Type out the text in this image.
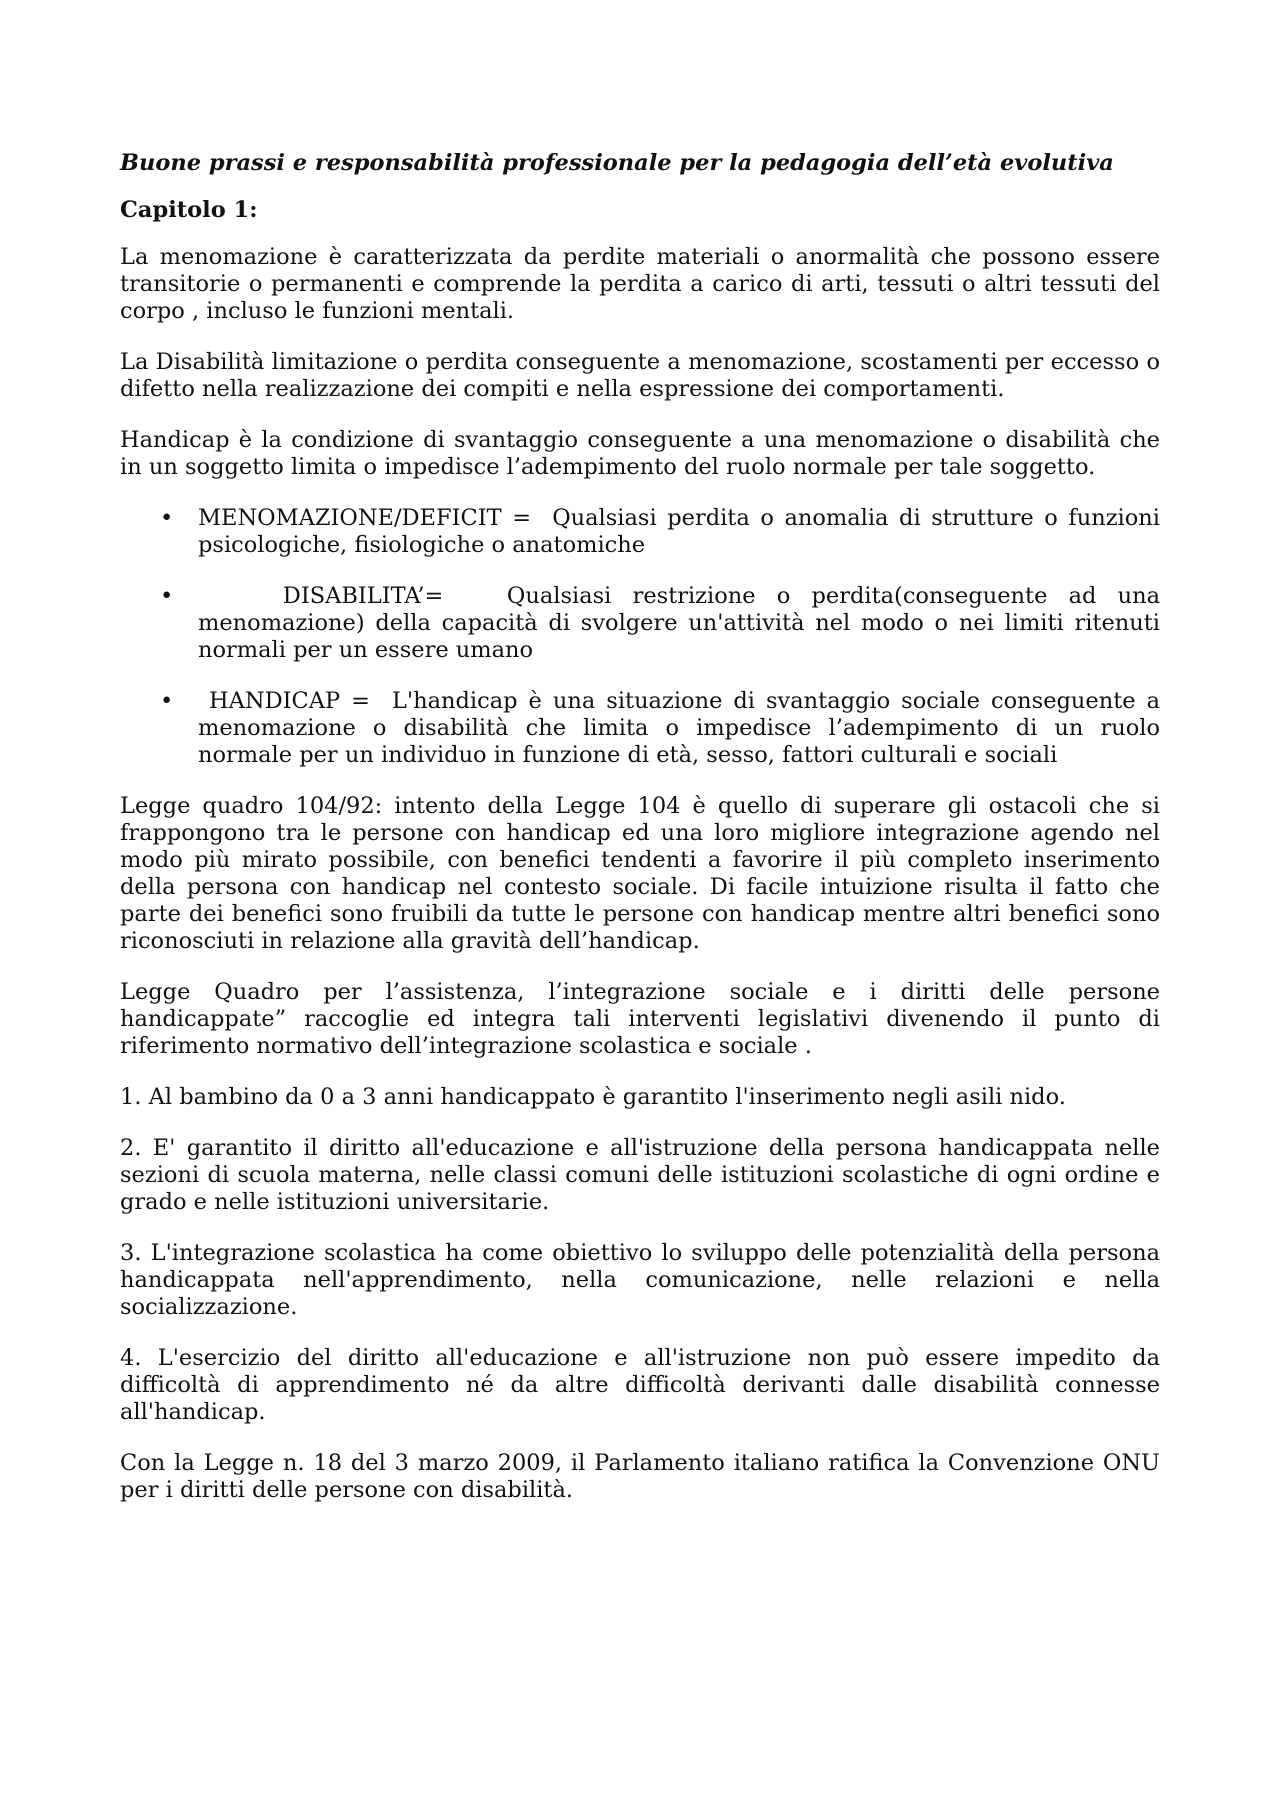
Buone prassi e responsabilità professionale per la pedagogia dell’età evolutiva
Capitolo 1:

La menomazione è caratterizzata da perdite materiali o anormalità che possono essere transitorie o permanenti e comprende la perdita a carico di arti, tessuti o altri tessuti del corpo , incluso le funzioni mentali.

La Disabilità limitazione o perdita conseguente a menomazione, scostamenti per eccesso o difetto nella realizzazione dei compiti e nella espressione dei comportamenti.

Handicap è la condizione di svantaggio conseguente a una menomazione o disabilità che in un soggetto limita o impedisce l’adempimento del ruolo normale per tale soggetto.

• MENOMAZIONE/DEFICIT =  Qualsiasi perdita o anomalia di strutture o funzioni psicologiche, fisiologiche o anatomiche
• DISABILITA’=   Qualsiasi restrizione o perdita(conseguente ad una menomazione) della capacità di svolgere un'attività nel modo o nei limiti ritenuti normali per un essere umano
• HANDICAP =  L'handicap è una situazione di svantaggio sociale conseguente a menomazione o disabilità che limita o impedisce l’adempimento di un ruolo normale per un individuo in funzione di età, sesso, fattori culturali e sociali

Legge quadro 104/92: intento della Legge 104 è quello di superare gli ostacoli che si frappongono tra le persone con handicap ed una loro migliore integrazione agendo nel modo più mirato possibile, con benefici tendenti a favorire il più completo inserimento della persona con handicap nel contesto sociale. Di facile intuizione risulta il fatto che parte dei benefici sono fruibili da tutte le persone con handicap mentre altri benefici sono riconosciuti in relazione alla gravità dell’handicap.

Legge Quadro per l’assistenza, l’integrazione sociale e i diritti delle persone handicappate” raccoglie ed integra tali interventi legislativi divenendo il punto di riferimento normativo dell’integrazione scolastica e sociale .

1. Al bambino da 0 a 3 anni handicappato è garantito l'inserimento negli asili nido.

2. E' garantito il diritto all'educazione e all'istruzione della persona handicappata nelle sezioni di scuola materna, nelle classi comuni delle istituzioni scolastiche di ogni ordine e grado e nelle istituzioni universitarie.

3. L'integrazione scolastica ha come obiettivo lo sviluppo delle potenzialità della persona handicappata nell'apprendimento, nella comunicazione, nelle relazioni e nella socializzazione.

4. L'esercizio del diritto all'educazione e all'istruzione non può essere impedito da difficoltà di apprendimento né da altre difficoltà derivanti dalle disabilità connesse all'handicap.

Con la Legge n. 18 del 3 marzo 2009, il Parlamento italiano ratifica la Convenzione ONU per i diritti delle persone con disabilità.
